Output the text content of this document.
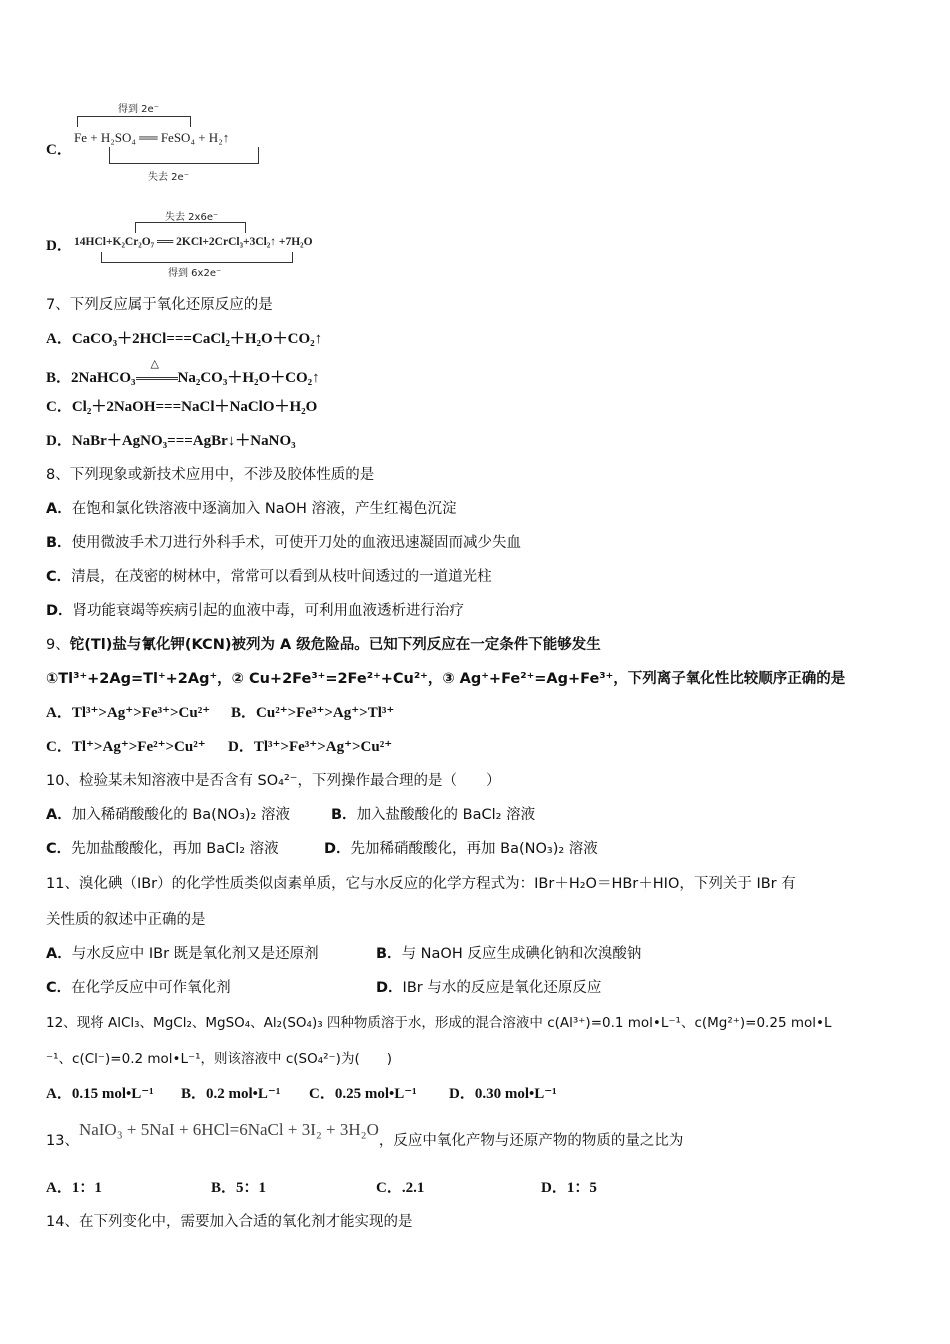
C．
得到 2e⁻
Fe + H₂SO₄ ══ FeSO₄ + H₂↑
失去 2e⁻
D．
失去 2x6e⁻
14HCl+K₂Cr₂O₇ ══ 2KCl+2CrCl₃+3Cl₂↑ +7H₂O
得到 6x2e⁻
7、下列反应属于氧化还原反应的是
A．CaCO₃＋2HCl===CaCl₂＋H₂O＋CO₂↑
B．2NaHCO₃
△
Na₂CO₃＋H₂O＋CO₂↑
C．Cl₂＋2NaOH===NaCl＋NaClO＋H₂O
D．NaBr＋AgNO₃===AgBr↓＋NaNO₃
8、下列现象或新技术应用中，不涉及胶体性质的是
A．在饱和氯化铁溶液中逐滴加入 NaOH 溶液，产生红褐色沉淀
B．使用微波手术刀进行外科手术，可使开刀处的血液迅速凝固而减少失血
C．清晨，在茂密的树林中，常常可以看到从枝叶间透过的一道道光柱
D．肾功能衰竭等疾病引起的血液中毒，可利用血液透析进行治疗
9、铊(Tl)盐与氰化钾(KCN)被列为 A 级危险品。已知下列反应在一定条件下能够发生
①Tl³⁺+2Ag=Tl⁺+2Ag⁺，② Cu+2Fe³⁺=2Fe²⁺+Cu²⁺，③ Ag⁺+Fe²⁺=Ag+Fe³⁺，下列离子氧化性比较顺序正确的是
A．Tl³⁺>Ag⁺>Fe³⁺>Cu²⁺ B．Cu²⁺>Fe³⁺>Ag⁺>Tl³⁺
C．Tl⁺>Ag⁺>Fe²⁺>Cu²⁺ D．Tl³⁺>Fe³⁺>Ag⁺>Cu²⁺
10、检验某未知溶液中是否含有 SO₄²⁻，下列操作最合理的是（　　）
A．加入稀硝酸酸化的 Ba(NO₃)₂ 溶液	B．加入盐酸酸化的 BaCl₂ 溶液
C．先加盐酸酸化，再加 BaCl₂ 溶液	D．先加稀硝酸酸化，再加 Ba(NO₃)₂ 溶液
11、溴化碘（IBr）的化学性质类似卤素单质，它与水反应的化学方程式为：IBr＋H₂O＝HBr＋HIO，下列关于 IBr 有
关性质的叙述中正确的是
A．与水反应中 IBr 既是氧化剂又是还原剂	B．与 NaOH 反应生成碘化钠和次溴酸钠
C．在化学反应中可作氧化剂	D．IBr 与水的反应是氧化还原反应
12、现将 AlCl₃、MgCl₂、MgSO₄、Al₂(SO₄)₃ 四种物质溶于水，形成的混合溶液中 c(Al³⁺)=0.1 mol•L⁻¹、c(Mg²⁺)=0.25 mol•L
⁻¹、c(Cl⁻)=0.2 mol•L⁻¹，则该溶液中 c(SO₄²⁻)为(　　)
A．0.15 mol•L⁻¹ B．0.2 mol•L⁻¹ C．0.25 mol•L⁻¹ D．0.30 mol•L⁻¹
13、NaIO₃ + 5NaI + 6HCl=6NaCl + 3I₂ + 3H₂O，反应中氧化产物与还原产物的物质的量之比为
A．1：1	B．5：1	C．.2.1	D．1：5
14、在下列变化中，需要加入合适的氧化剂才能实现的是
